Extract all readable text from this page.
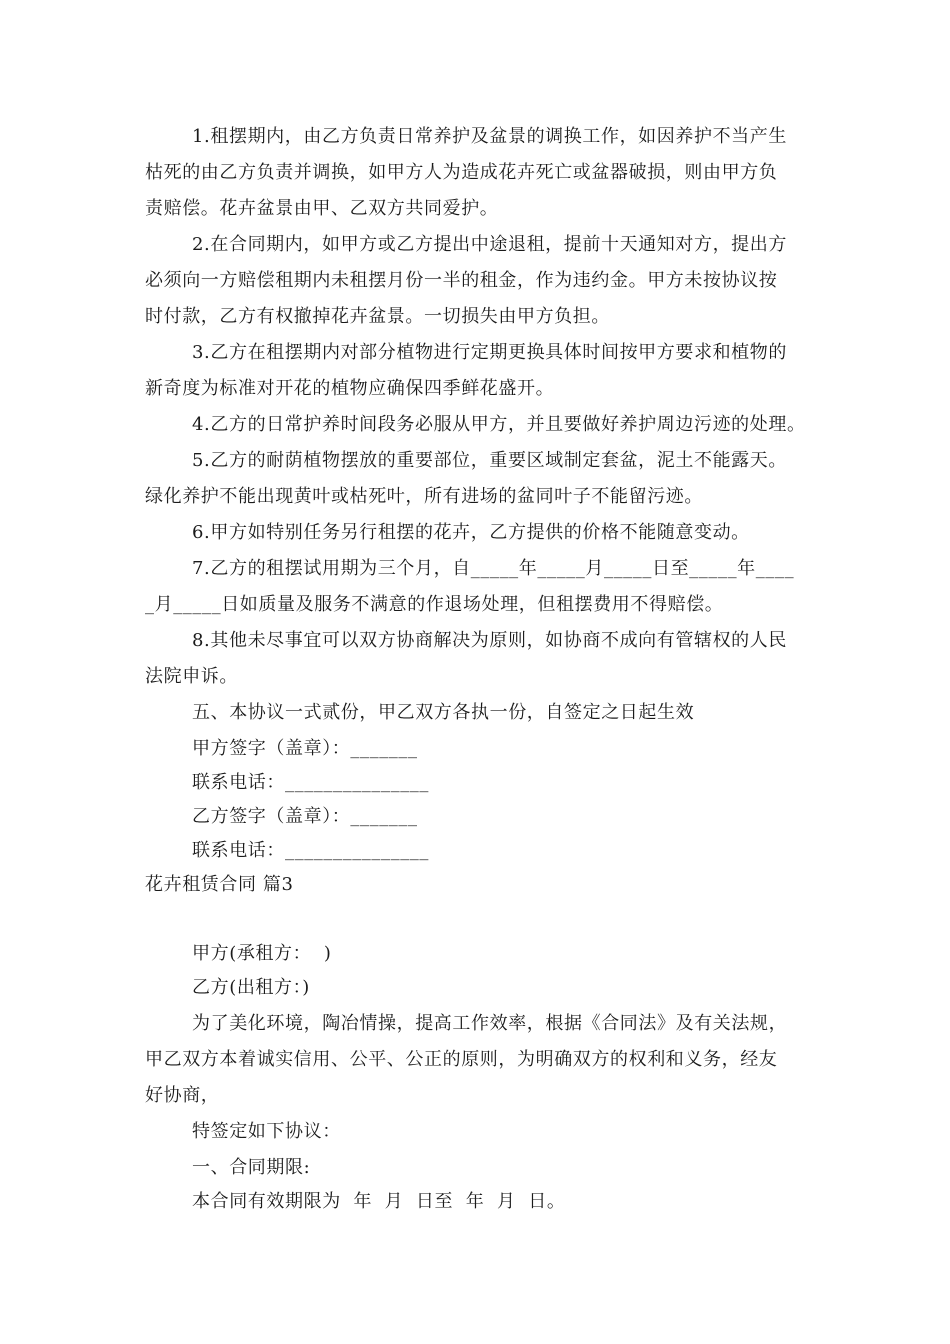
1.租摆期内，由乙方负责日常养护及盆景的调换工作，如因养护不当产生
枯死的由乙方负责并调换，如甲方人为造成花卉死亡或盆器破损，则由甲方负
责赔偿。花卉盆景由甲、乙双方共同爱护。
2.在合同期内，如甲方或乙方提出中途退租，提前十天通知对方，提出方
必须向一方赔偿租期内未租摆月份一半的租金，作为违约金。甲方未按协议按
时付款，乙方有权撤掉花卉盆景。一切损失由甲方负担。
3.乙方在租摆期内对部分植物进行定期更换具体时间按甲方要求和植物的
新奇度为标准对开花的植物应确保四季鲜花盛开。
4.乙方的日常护养时间段务必服从甲方，并且要做好养护周边污迹的处理。
5.乙方的耐荫植物摆放的重要部位，重要区域制定套盆，泥土不能露天。
绿化养护不能出现黄叶或枯死叶，所有进场的盆同叶子不能留污迹。
6.甲方如特别任务另行租摆的花卉，乙方提供的价格不能随意变动。
7.乙方的租摆试用期为三个月，自_____年_____月_____日至_____年____
_月_____日如质量及服务不满意的作退场处理，但租摆费用不得赔偿。
8.其他未尽事宜可以双方协商解决为原则，如协商不成向有管辖权的人民
法院申诉。
五、本协议一式贰份，甲乙双方各执一份，自签定之日起生效
甲方签字（盖章）：_______
联系电话：_______________
乙方签字（盖章）：_______
联系电话：_______________
花卉租赁合同 篇3
甲方(承租方：  )
乙方(出租方：)
为了美化环境，陶冶情操，提高工作效率，根据《合同法》及有关法规，
甲乙双方本着诚实信用、公平、公正的原则，为明确双方的权利和义务，经友
好协商，
特签定如下协议：
一、合同期限:
本合同有效期限为  年  月  日至  年  月  日。
